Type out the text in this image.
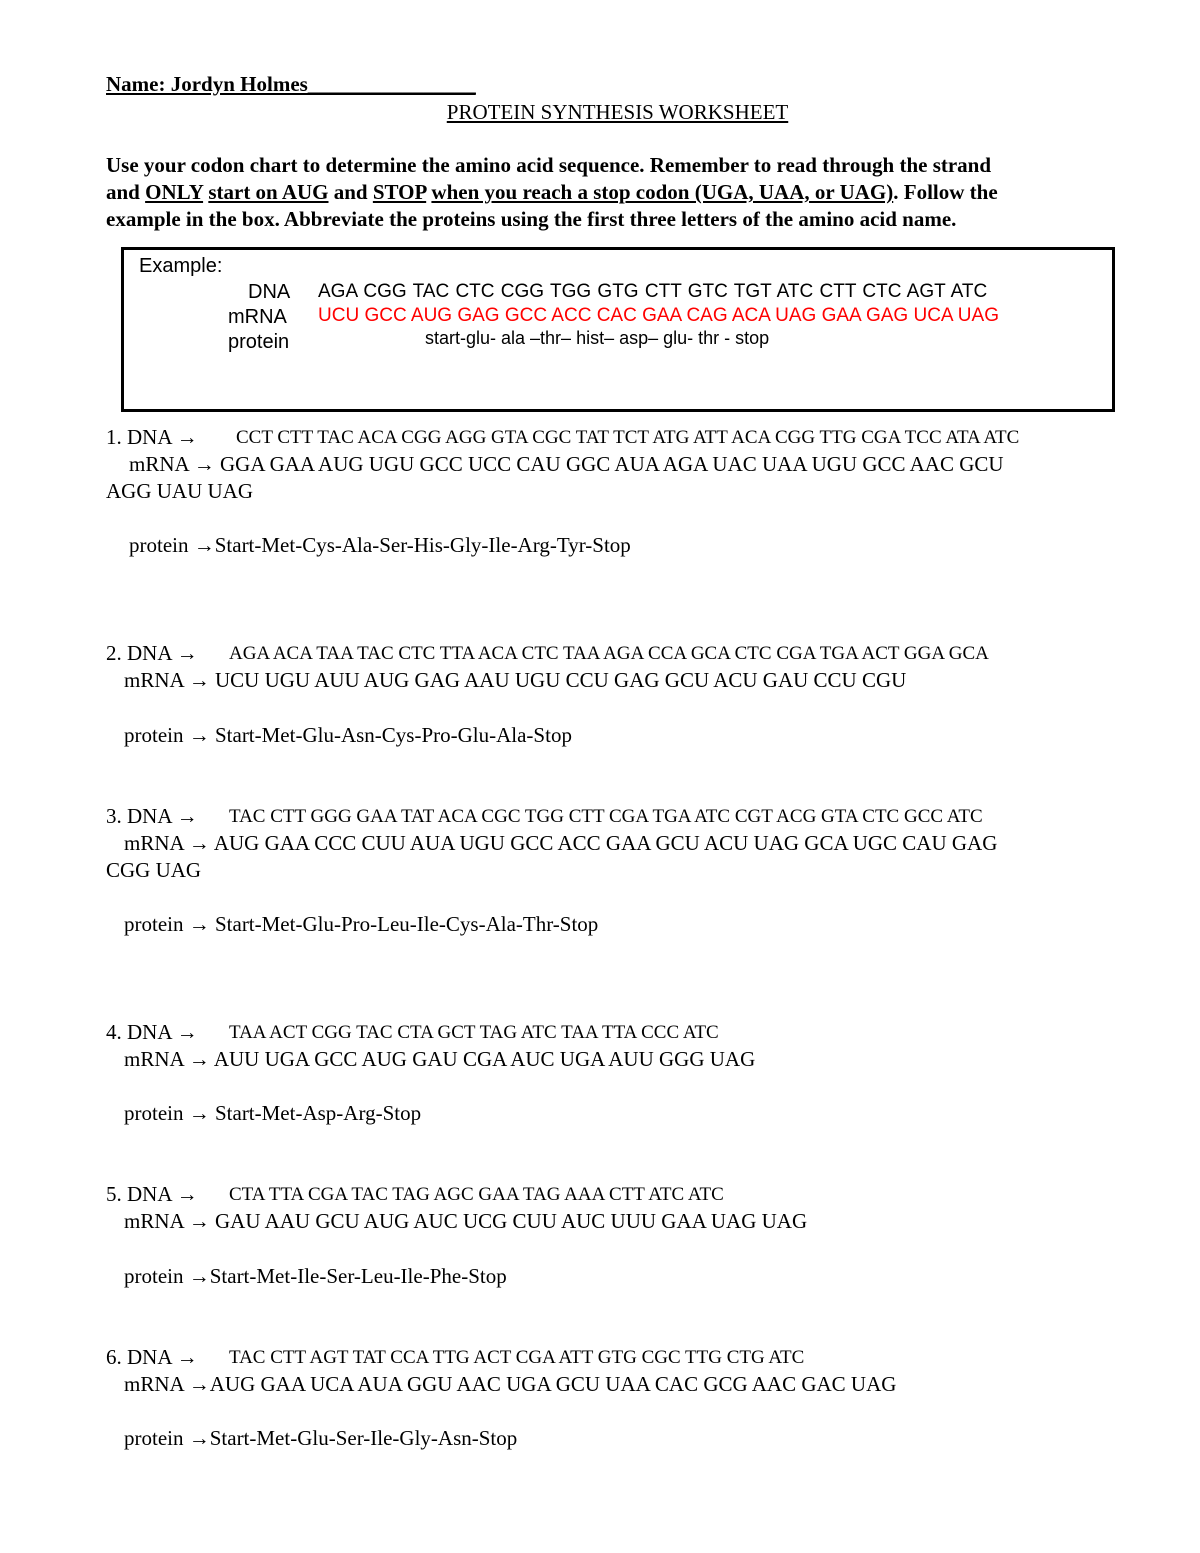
Name: Jordyn Holmes________________
PROTEIN SYNTHESIS WORKSHEET
Use your codon chart to determine the amino acid sequence. Remember to read through the strand
and ONLY start on AUG and STOP when you reach a stop codon (UGA, UAA, or UAG). Follow the
example in the box. Abbreviate the proteins using the first three letters of the amino acid name.
Example:
DNA
mRNA
protein
AGA CGG TAC CTC CGG TGG GTG CTT GTC TGT ATC CTT CTC AGT ATC
UCU GCC AUG GAG GCC ACC CAC GAA CAG ACA UAG GAA GAG UCA UAG
start-glu- ala –thr– hist– asp– glu- thr - stop
1. DNA → CCT CTT TAC ACA CGG AGG GTA CGC TAT TCT ATG ATT ACA CGG TTG CGA TCC ATA ATC
mRNA → GGA GAA AUG UGU GCC UCC CAU GGC AUA AGA UAC UAA UGU GCC AAC GCU
AGG UAU UAG
protein →Start-Met-Cys-Ala-Ser-His-Gly-Ile-Arg-Tyr-Stop
2. DNA → AGA ACA TAA TAC CTC TTA ACA CTC TAA AGA CCA GCA CTC CGA TGA ACT GGA GCA
mRNA → UCU UGU AUU AUG GAG AAU UGU CCU GAG GCU ACU GAU CCU CGU
protein → Start-Met-Glu-Asn-Cys-Pro-Glu-Ala-Stop
3. DNA → TAC CTT GGG GAA TAT ACA CGC TGG CTT CGA TGA ATC CGT ACG GTA CTC GCC ATC
mRNA → AUG GAA CCC CUU AUA UGU GCC ACC GAA GCU ACU UAG GCA UGC CAU GAG
CGG UAG
protein → Start-Met-Glu-Pro-Leu-Ile-Cys-Ala-Thr-Stop
4. DNA → TAA ACT CGG TAC CTA GCT TAG ATC TAA TTA CCC ATC
mRNA → AUU UGA GCC AUG GAU CGA AUC UGA AUU GGG UAG
protein → Start-Met-Asp-Arg-Stop
5. DNA → CTA TTA CGA TAC TAG AGC GAA TAG AAA CTT ATC ATC
mRNA → GAU AAU GCU AUG AUC UCG CUU AUC UUU GAA UAG UAG
protein →Start-Met-Ile-Ser-Leu-Ile-Phe-Stop
6. DNA → TAC CTT AGT TAT CCA TTG ACT CGA ATT GTG CGC TTG CTG ATC
mRNA →AUG GAA UCA AUA GGU AAC UGA GCU UAA CAC GCG AAC GAC UAG
protein →Start-Met-Glu-Ser-Ile-Gly-Asn-Stop
